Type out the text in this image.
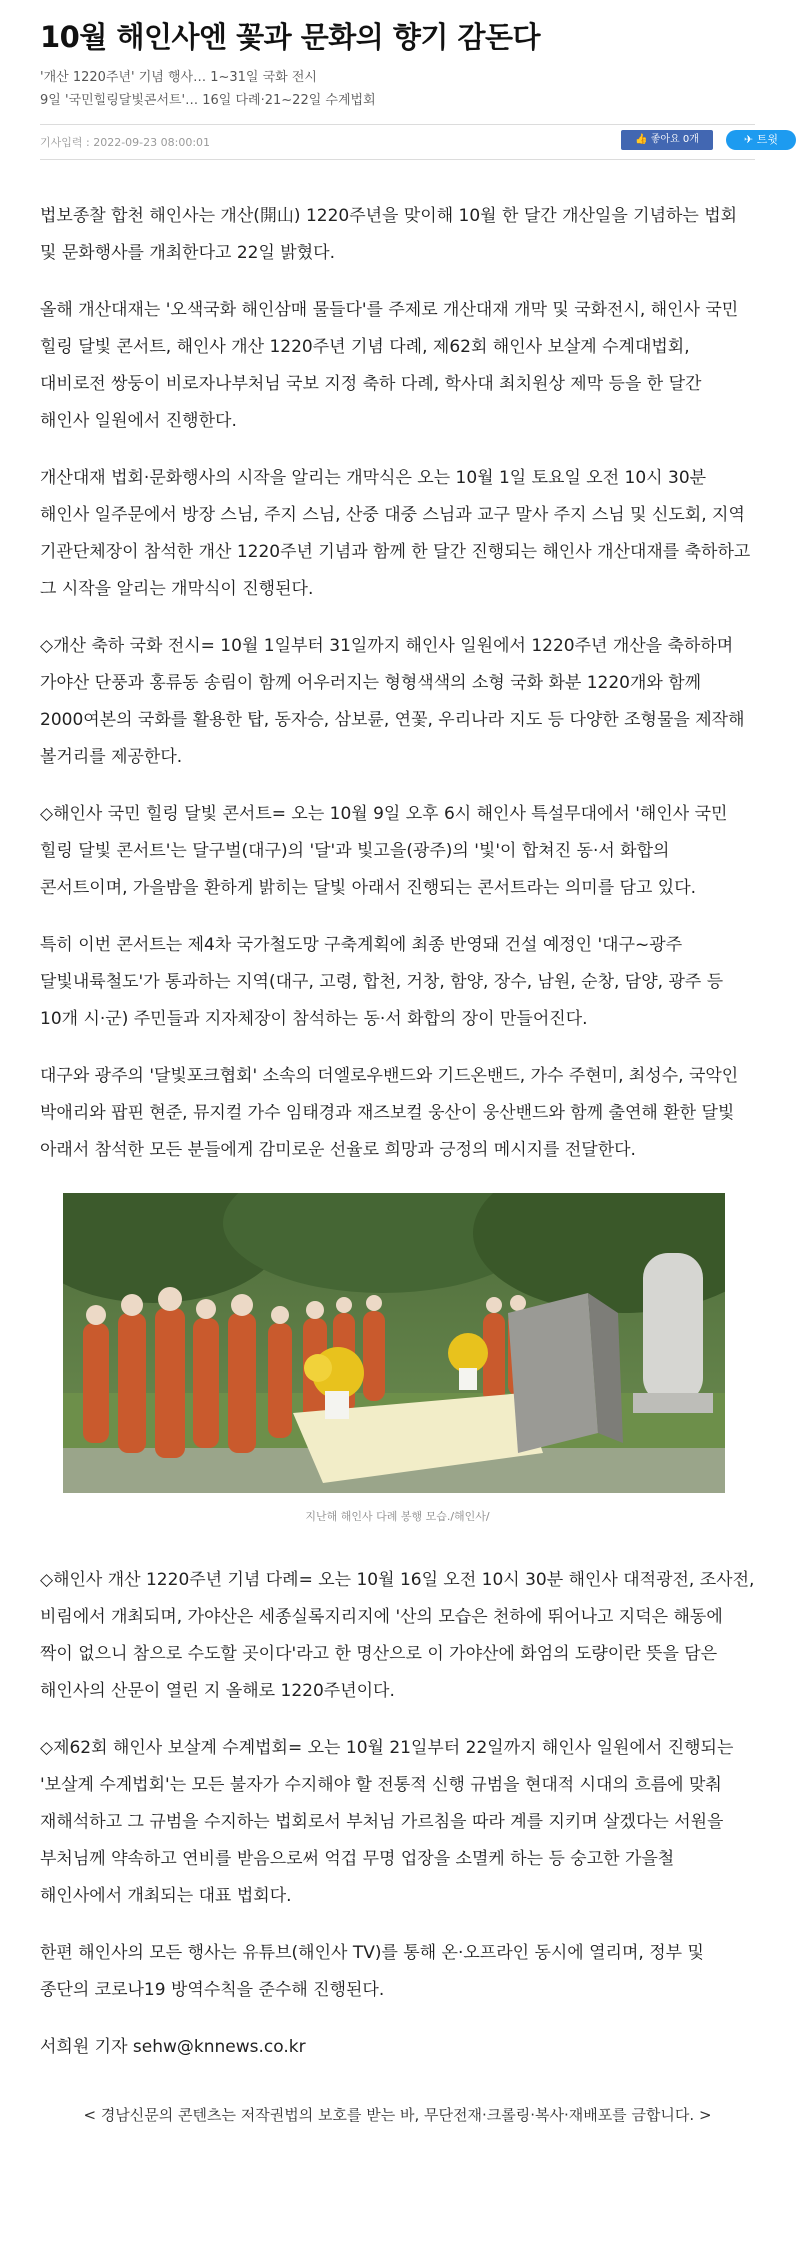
10월 해인사엔 꽃과 문화의 향기 감돈다
'개산 1220주년' 기념 행사… 1~31일 국화 전시
9일 '국민힐링달빛콘서트'… 16일 다례·21~22일 수계법회
기사입력 : 2022-09-23 08:00:01	👍 좋아요 0개	✈ 트윗

법보종찰 합천 해인사는 개산(開山) 1220주년을 맞이해 10월 한 달간 개산일을 기념하는 법회 및 문화행사를 개최한다고 22일 밝혔다.

올해 개산대재는 '오색국화 해인삼매 물들다'를 주제로 개산대재 개막 및 국화전시, 해인사 국민 힐링 달빛 콘서트, 해인사 개산 1220주년 기념 다례, 제62회 해인사 보살계 수계대법회, 대비로전 쌍둥이 비로자나부처님 국보 지정 축하 다례, 학사대 최치원상 제막 등을 한 달간 해인사 일원에서 진행한다.

개산대재 법회·문화행사의 시작을 알리는 개막식은 오는 10월 1일 토요일 오전 10시 30분 해인사 일주문에서 방장 스님, 주지 스님, 산중 대중 스님과 교구 말사 주지 스님 및 신도회, 지역 기관단체장이 참석한 개산 1220주년 기념과 함께 한 달간 진행되는 해인사 개산대재를 축하하고 그 시작을 알리는 개막식이 진행된다.

◇개산 축하 국화 전시= 10월 1일부터 31일까지 해인사 일원에서 1220주년 개산을 축하하며 가야산 단풍과 홍류동 송림이 함께 어우러지는 형형색색의 소형 국화 화분 1220개와 함께 2000여본의 국화를 활용한 탑, 동자승, 삼보륜, 연꽃, 우리나라 지도 등 다양한 조형물을 제작해 볼거리를 제공한다.

◇해인사 국민 힐링 달빛 콘서트= 오는 10월 9일 오후 6시 해인사 특설무대에서 '해인사 국민 힐링 달빛 콘서트'는 달구벌(대구)의 '달'과 빛고을(광주)의 '빛'이 합쳐진 동·서 화합의 콘서트이며, 가을밤을 환하게 밝히는 달빛 아래서 진행되는 콘서트라는 의미를 담고 있다.

특히 이번 콘서트는 제4차 국가철도망 구축계획에 최종 반영돼 건설 예정인 '대구~광주 달빛내륙철도'가 통과하는 지역(대구, 고령, 합천, 거창, 함양, 장수, 남원, 순창, 담양, 광주 등 10개 시·군) 주민들과 지자체장이 참석하는 동·서 화합의 장이 만들어진다.

대구와 광주의 '달빛포크협회' 소속의 더엘로우밴드와 기드온밴드, 가수 주현미, 최성수, 국악인 박애리와 팝핀 현준, 뮤지컬 가수 임태경과 재즈보컬 웅산이 웅산밴드와 함께 출연해 환한 달빛 아래서 참석한 모든 분들에게 감미로운 선율로 희망과 긍정의 메시지를 전달한다.

지난해 해인사 다례 봉행 모습./해인사/

◇해인사 개산 1220주년 기념 다례= 오는 10월 16일 오전 10시 30분 해인사 대적광전, 조사전, 비림에서 개최되며, 가야산은 세종실록지리지에 '산의 모습은 천하에 뛰어나고 지덕은 해동에 짝이 없으니 참으로 수도할 곳이다'라고 한 명산으로 이 가야산에 화엄의 도량이란 뜻을 담은 해인사의 산문이 열린 지 올해로 1220주년이다.

◇제62회 해인사 보살계 수계법회= 오는 10월 21일부터 22일까지 해인사 일원에서 진행되는 '보살계 수계법회'는 모든 불자가 수지해야 할 전통적 신행 규범을 현대적 시대의 흐름에 맞춰 재해석하고 그 규범을 수지하는 법회로서 부처님 가르침을 따라 계를 지키며 살겠다는 서원을 부처님께 약속하고 연비를 받음으로써 억겁 무명 업장을 소멸케 하는 등 숭고한 가을철 해인사에서 개최되는 대표 법회다.

한편 해인사의 모든 행사는 유튜브(해인사 TV)를 통해 온·오프라인 동시에 열리며, 정부 및 종단의 코로나19 방역수칙을 준수해 진행된다.

서희원 기자 sehw@knnews.co.kr

< 경남신문의 콘텐츠는 저작권법의 보호를 받는 바, 무단전재·크롤링·복사·재배포를 금합니다. >
